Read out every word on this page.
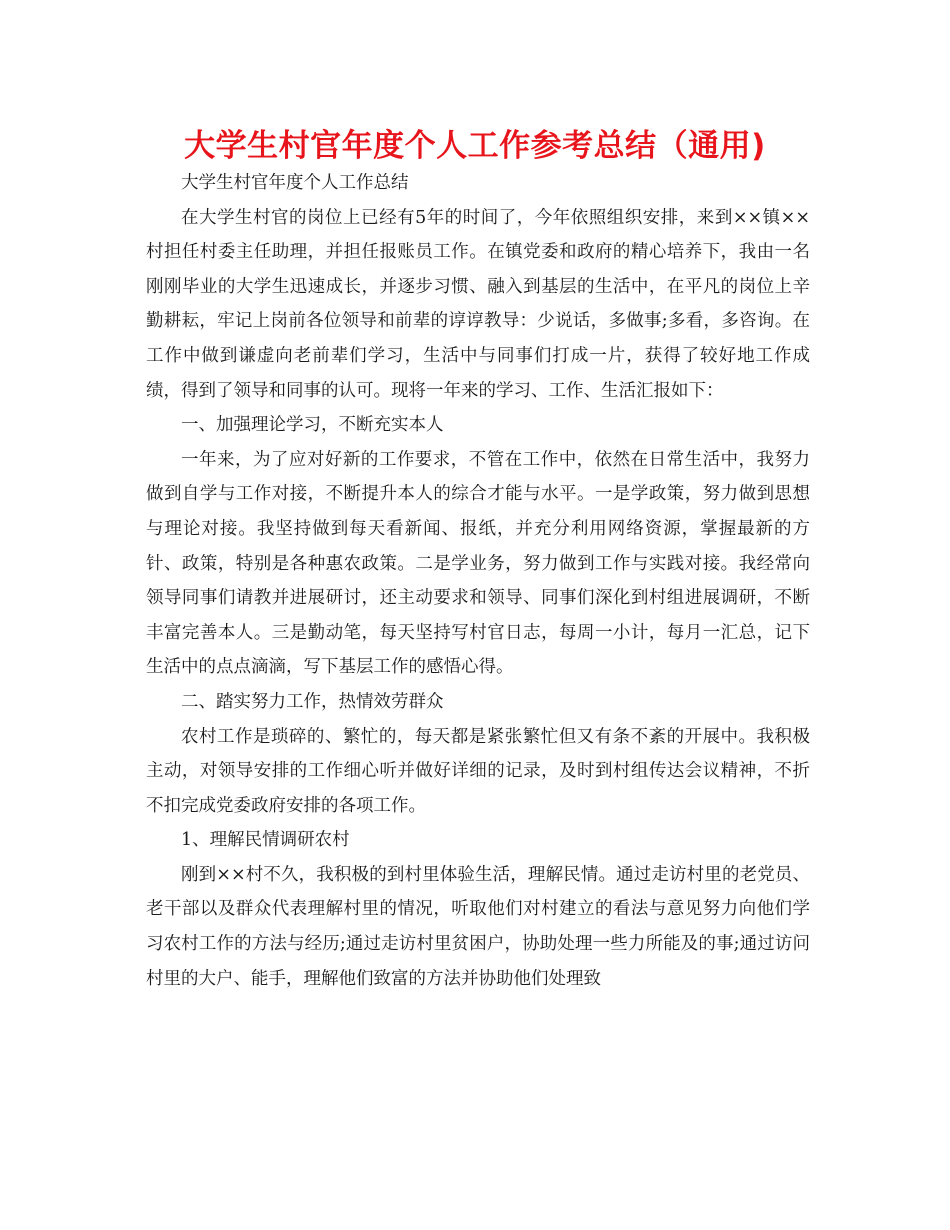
大学生村官年度个人工作参考总结（通用)

大学生村官年度个人工作总结

在大学生村官的岗位上已经有5年的时间了，今年依照组织安排，来到××镇××村担任村委主任助理，并担任报账员工作。在镇党委和政府的精心培养下，我由一名刚刚毕业的大学生迅速成长，并逐步习惯、融入到基层的生活中，在平凡的岗位上辛勤耕耘，牢记上岗前各位领导和前辈的谆谆教导：少说话，多做事;多看，多咨询。在工作中做到谦虚向老前辈们学习，生活中与同事们打成一片，获得了较好地工作成绩，得到了领导和同事的认可。现将一年来的学习、工作、生活汇报如下：

一、加强理论学习，不断充实本人

一年来，为了应对好新的工作要求，不管在工作中，依然在日常生活中，我努力做到自学与工作对接，不断提升本人的综合才能与水平。一是学政策，努力做到思想与理论对接。我坚持做到每天看新闻、报纸，并充分利用网络资源，掌握最新的方针、政策，特别是各种惠农政策。二是学业务，努力做到工作与实践对接。我经常向领导同事们请教并进展研讨，还主动要求和领导、同事们深化到村组进展调研，不断丰富完善本人。三是勤动笔，每天坚持写村官日志，每周一小计，每月一汇总，记下生活中的点点滴滴，写下基层工作的感悟心得。

二、踏实努力工作，热情效劳群众

农村工作是琐碎的、繁忙的，每天都是紧张繁忙但又有条不紊的开展中。我积极主动，对领导安排的工作细心听并做好详细的记录，及时到村组传达会议精神，不折不扣完成党委政府安排的各项工作。

1、理解民情调研农村

刚到××村不久，我积极的到村里体验生活，理解民情。通过走访村里的老党员、老干部以及群众代表理解村里的情况，听取他们对村建立的看法与意见努力向他们学习农村工作的方法与经历;通过走访村里贫困户，协助处理一些力所能及的事;通过访问村里的大户、能手，理解他们致富的方法并协助他们处理致
